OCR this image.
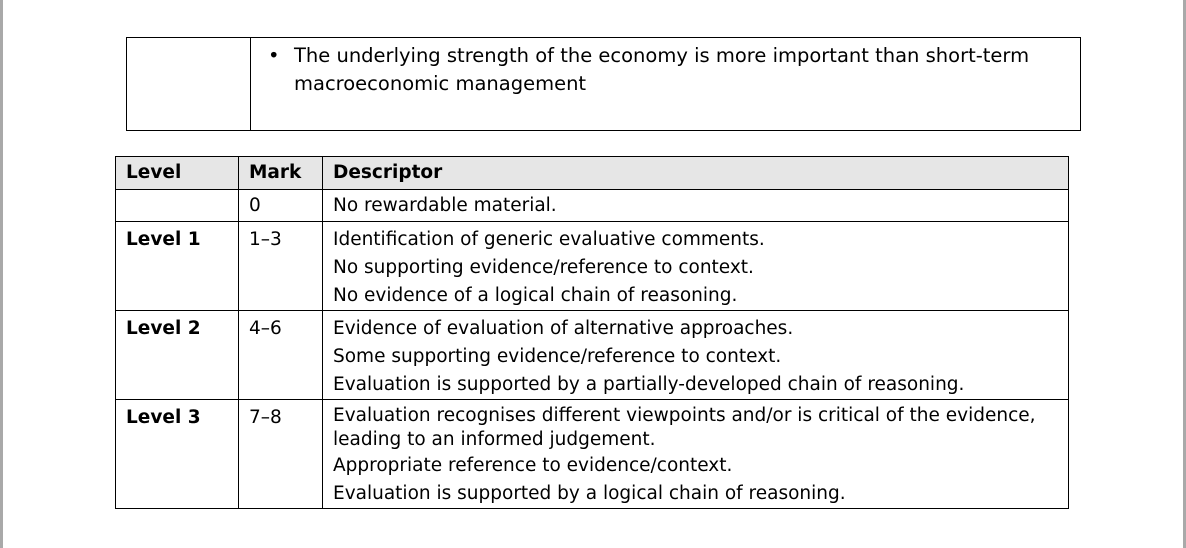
• The underlying strength of the economy is more important than short-term macroeconomic management
Level	Mark	Descriptor
	0	No rewardable material.

Level 1	1–3	Identification of generic evaluative comments.
No supporting evidence/reference to context.
No evidence of a logical chain of reasoning.

Level 2	4–6	Evidence of evaluation of alternative approaches.
Some supporting evidence/reference to context.
Evaluation is supported by a partially-developed chain of reasoning.

Level 3	7–8	Evaluation recognises different viewpoints and/or is critical of the evidence, leading to an informed judgement.
Appropriate reference to evidence/context.
Evaluation is supported by a logical chain of reasoning.
